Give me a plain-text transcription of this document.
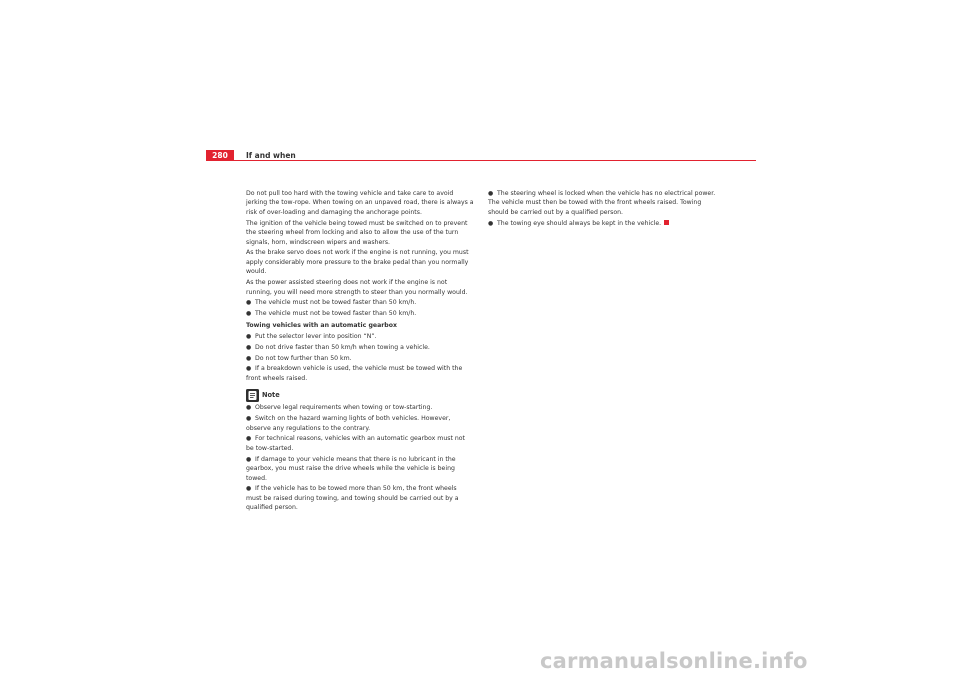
280	If and when

Do not pull too hard with the towing vehicle and take care to avoid jerking the tow-rope. When towing on an unpaved road, there is always a risk of over-loading and damaging the anchorage points.

The ignition of the vehicle being towed must be switched on to prevent the steering wheel from locking and also to allow the use of the turn signals, horn, windscreen wipers and washers.

As the brake servo does not work if the engine is not running, you must apply considerably more pressure to the brake pedal than you normally would.

As the power assisted steering does not work if the engine is not running, you will need more strength to steer than you normally would.

● The vehicle must not be towed faster than 50 km/h.

● The vehicle must not be towed faster than 50 km/h.

Towing vehicles with an automatic gearbox

● Put the selector lever into position “N”.

● Do not drive faster than 50 km/h when towing a vehicle.

● Do not tow further than 50 km.

● If a breakdown vehicle is used, the vehicle must be towed with the front wheels raised.

Note

● Observe legal requirements when towing or tow-starting.

● Switch on the hazard warning lights of both vehicles. However, observe any regulations to the contrary.

● For technical reasons, vehicles with an automatic gearbox must not be tow-started.

● If damage to your vehicle means that there is no lubricant in the gearbox, you must raise the drive wheels while the vehicle is being towed.

● If the vehicle has to be towed more than 50 km, the front wheels must be raised during towing, and towing should be carried out by a qualified person.

● The steering wheel is locked when the vehicle has no electrical power. The vehicle must then be towed with the front wheels raised. Towing should be carried out by a qualified person.

● The towing eye should always be kept in the vehicle.

carmanualsonline.info
